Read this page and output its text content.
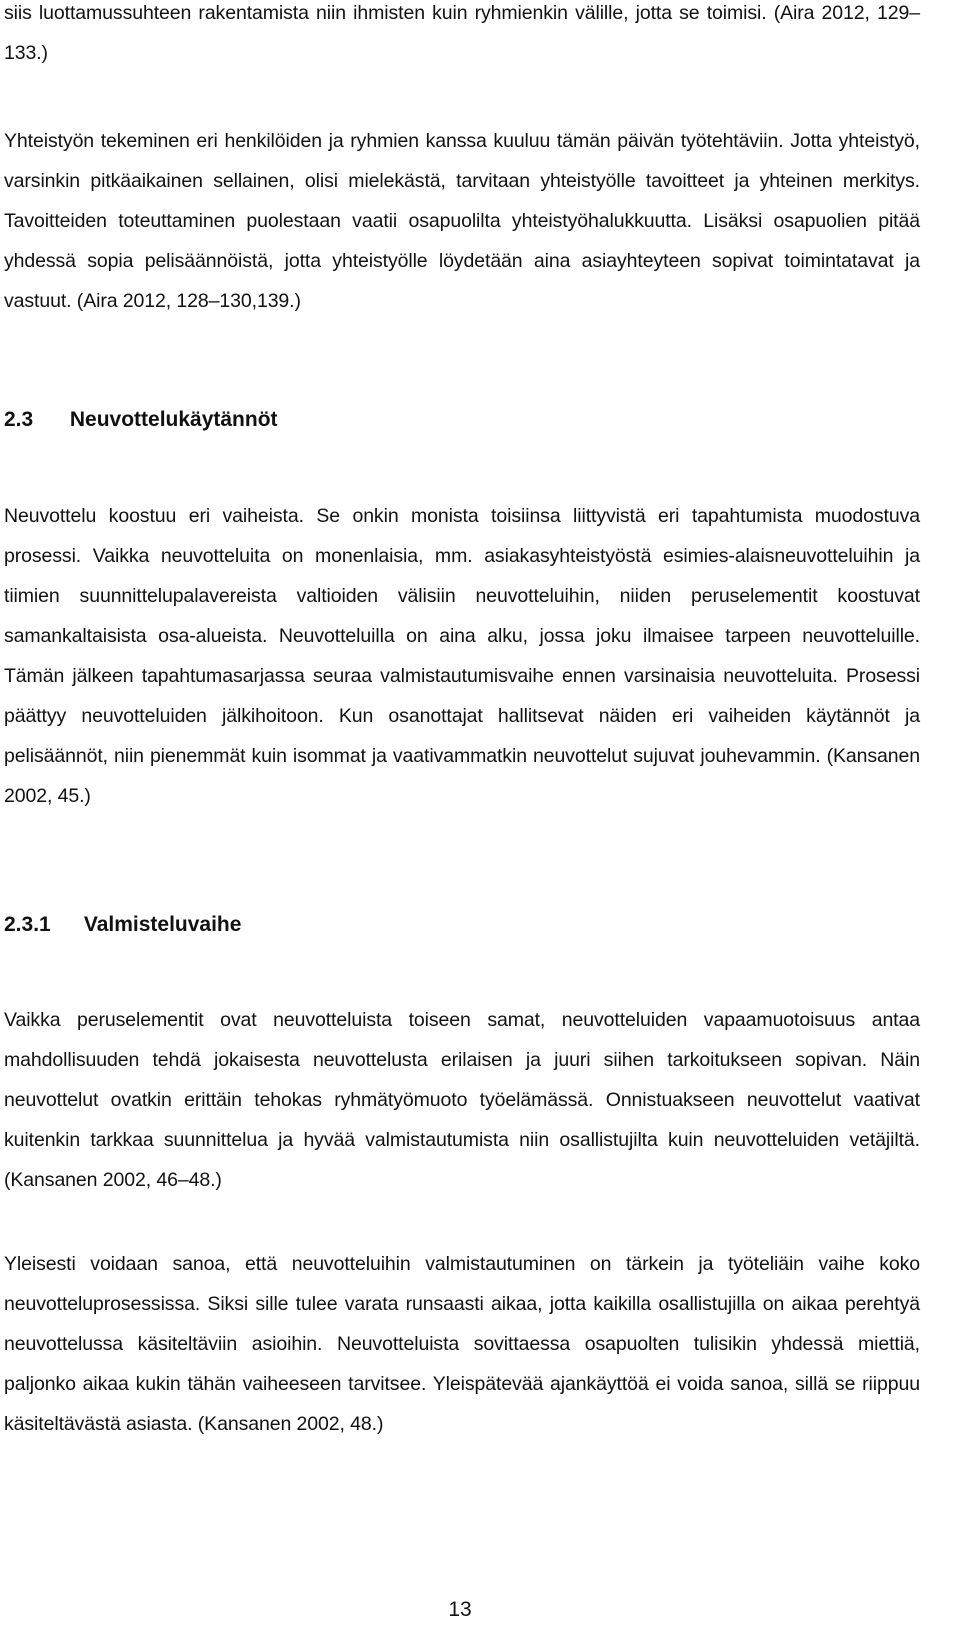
siis luottamussuhteen rakentamista niin ihmisten kuin ryhmienkin välille, jotta se toimisi. (Aira 2012, 129–133.)

Yhteistyön tekeminen eri henkilöiden ja ryhmien kanssa kuuluu tämän päivän työtehtäviin. Jotta yhteistyö, varsinkin pitkäaikainen sellainen, olisi mielekästä, tarvitaan yhteistyölle tavoitteet ja yhteinen merkitys. Tavoitteiden toteuttaminen puolestaan vaatii osapuolilta yhteistyöhalukkuutta. Lisäksi osapuolien pitää yhdessä sopia pelisäännöistä, jotta yhteistyölle löydetään aina asiayhteyteen sopivat toimintatavat ja vastuut. (Aira 2012, 128–130,139.)

2.3 Neuvottelukäytännöt

Neuvottelu koostuu eri vaiheista. Se onkin monista toisiinsa liittyvistä eri tapahtumista muodostuva prosessi. Vaikka neuvotteluita on monenlaisia, mm. asiakasyhteistyöstä esimies-alaisneuvotteluihin ja tiimien suunnittelupalavereista valtioiden välisiin neuvotteluihin, niiden peruselementit koostuvat samankaltaisista osa-alueista. Neuvotteluilla on aina alku, jossa joku ilmaisee tarpeen neuvotteluille. Tämän jälkeen tapahtumasarjassa seuraa valmistautumisvaihe ennen varsinaisia neuvotteluita. Prosessi päättyy neuvotteluiden jälkihoitoon. Kun osanottajat hallitsevat näiden eri vaiheiden käytännöt ja pelisäännöt, niin pienemmät kuin isommat ja vaativammatkin neuvottelut sujuvat jouhevammin. (Kansanen 2002, 45.)

2.3.1 Valmisteluvaihe

Vaikka peruselementit ovat neuvotteluista toiseen samat, neuvotteluiden vapaamuotoisuus antaa mahdollisuuden tehdä jokaisesta neuvottelusta erilaisen ja juuri siihen tarkoitukseen sopivan. Näin neuvottelut ovatkin erittäin tehokas ryhmätyömuoto työelämässä. Onnistuakseen neuvottelut vaativat kuitenkin tarkkaa suunnittelua ja hyvää valmistautumista niin osallistujilta kuin neuvotteluiden vetäjiltä. (Kansanen 2002, 46–48.)

Yleisesti voidaan sanoa, että neuvotteluihin valmistautuminen on tärkein ja työteliäin vaihe koko neuvotteluprosessissa. Siksi sille tulee varata runsaasti aikaa, jotta kaikilla osallistujilla on aikaa perehtyä neuvottelussa käsiteltäviin asioihin. Neuvotteluista sovittaessa osapuolten tulisikin yhdessä miettiä, paljonko aikaa kukin tähän vaiheeseen tarvitsee. Yleispätevää ajankäyttöä ei voida sanoa, sillä se riippuu käsiteltävästä asiasta. (Kansanen 2002, 48.)

13
